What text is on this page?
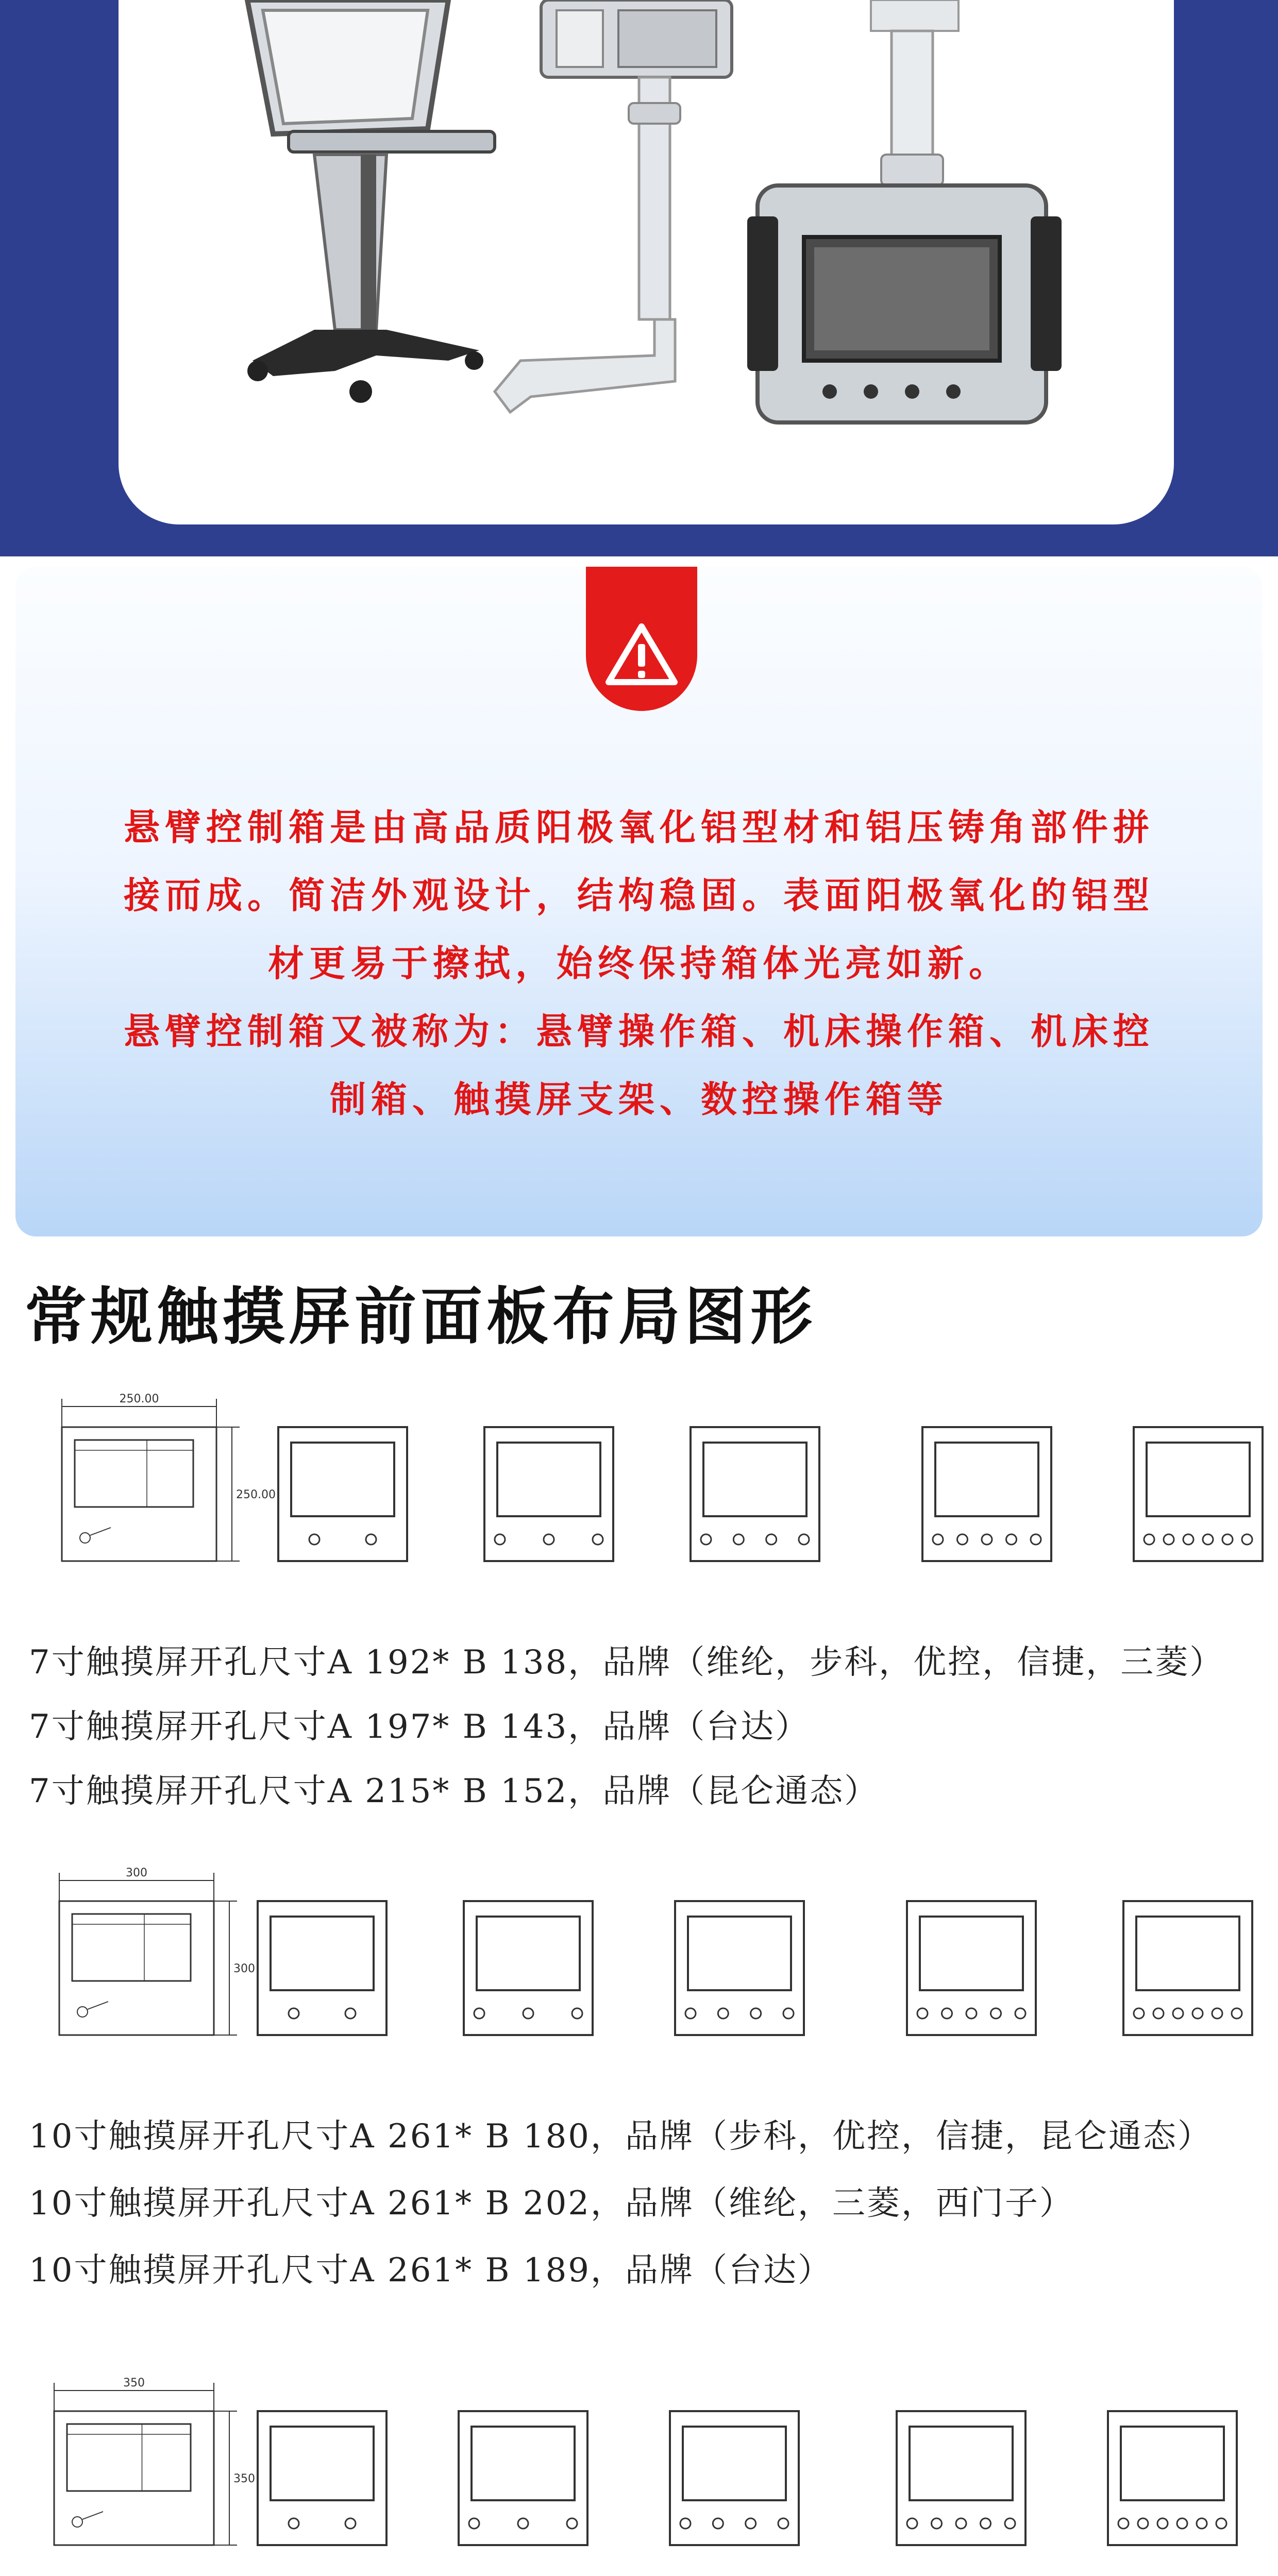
悬臂控制箱是由高品质阳极氧化铝型材和铝压铸角部件拼

接而成。简洁外观设计，结构稳固。表面阳极氧化的铝型

材更易于擦拭，始终保持箱体光亮如新。

悬臂控制箱又被称为：悬臂操作箱、机床操作箱、机床控

制箱、触摸屏支架、数控操作箱等

常规触摸屏前面板布局图形
250.00
250.00
7寸触摸屏开孔尺寸A 192* B 138，品牌（维纶，步科，优控，信捷，三菱）
7寸触摸屏开孔尺寸A 197* B 143，品牌（台达）
7寸触摸屏开孔尺寸A 215* B 152，品牌（昆仑通态）
300
300
10寸触摸屏开孔尺寸A 261* B 180，品牌（步科，优控，信捷，昆仑通态）
10寸触摸屏开孔尺寸A 261* B 202，品牌（维纶，三菱，西门子）
10寸触摸屏开孔尺寸A 261* B 189，品牌（台达）
350
350
